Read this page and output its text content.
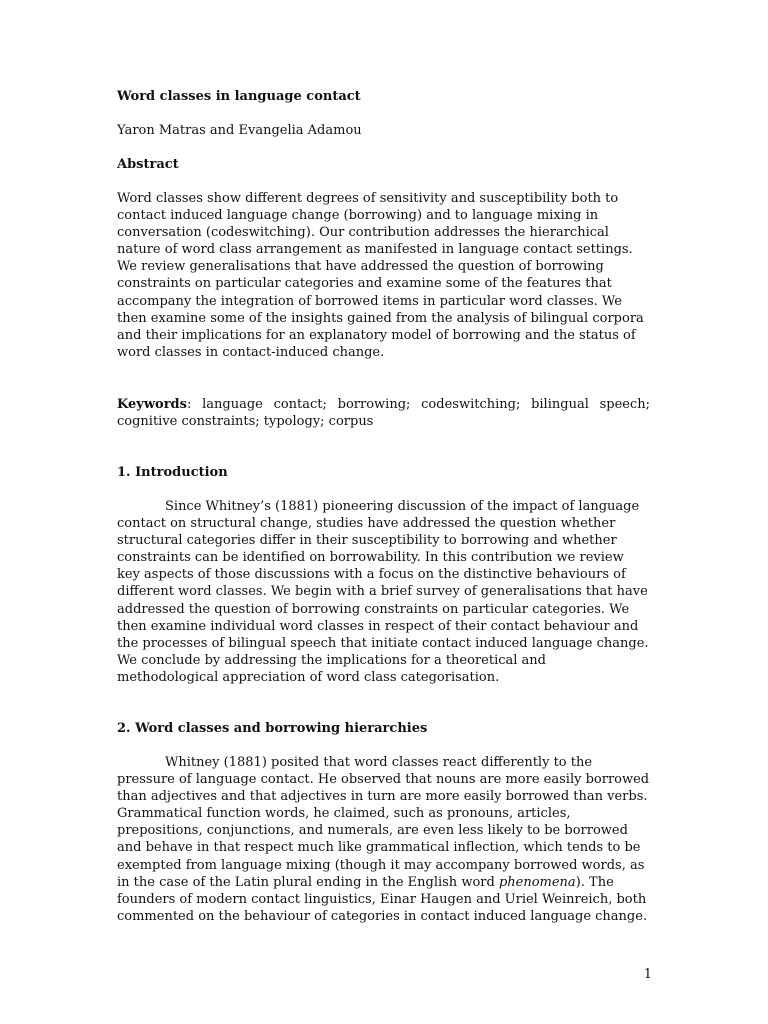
Word classes in language contact
Yaron Matras and Evangelia Adamou
Abstract
Word classes show different degrees of sensitivity and susceptibility both to contact induced language change (borrowing) and to language mixing in conversation (codeswitching). Our contribution addresses the hierarchical nature of word class arrangement as manifested in language contact settings. We review generalisations that have addressed the question of borrowing constraints on particular categories and examine some of the features that accompany the integration of borrowed items in particular word classes. We then examine some of the insights gained from the analysis of bilingual corpora and their implications for an explanatory model of borrowing and the status of word classes in contact-induced change.
Keywords: language contact; borrowing; codeswitching; bilingual speech; cognitive constraints; typology; corpus
1. Introduction
Since Whitney’s (1881) pioneering discussion of the impact of language contact on structural change, studies have addressed the question whether structural categories differ in their susceptibility to borrowing and whether constraints can be identified on borrowability. In this contribution we review key aspects of those discussions with a focus on the distinctive behaviours of different word classes. We begin with a brief survey of generalisations that have addressed the question of borrowing constraints on particular categories. We then examine individual word classes in respect of their contact behaviour and the processes of bilingual speech that initiate contact induced language change. We conclude by addressing the implications for a theoretical and methodological appreciation of word class categorisation.
2. Word classes and borrowing hierarchies
Whitney (1881) posited that word classes react differently to the pressure of language contact. He observed that nouns are more easily borrowed than adjectives and that adjectives in turn are more easily borrowed than verbs. Grammatical function words, he claimed, such as pronouns, articles, prepositions, conjunctions, and numerals, are even less likely to be borrowed and behave in that respect much like grammatical inflection, which tends to be exempted from language mixing (though it may accompany borrowed words, as in the case of the Latin plural ending in the English word phenomena). The founders of modern contact linguistics, Einar Haugen and Uriel Weinreich, both commented on the behaviour of categories in contact induced language change.
1
